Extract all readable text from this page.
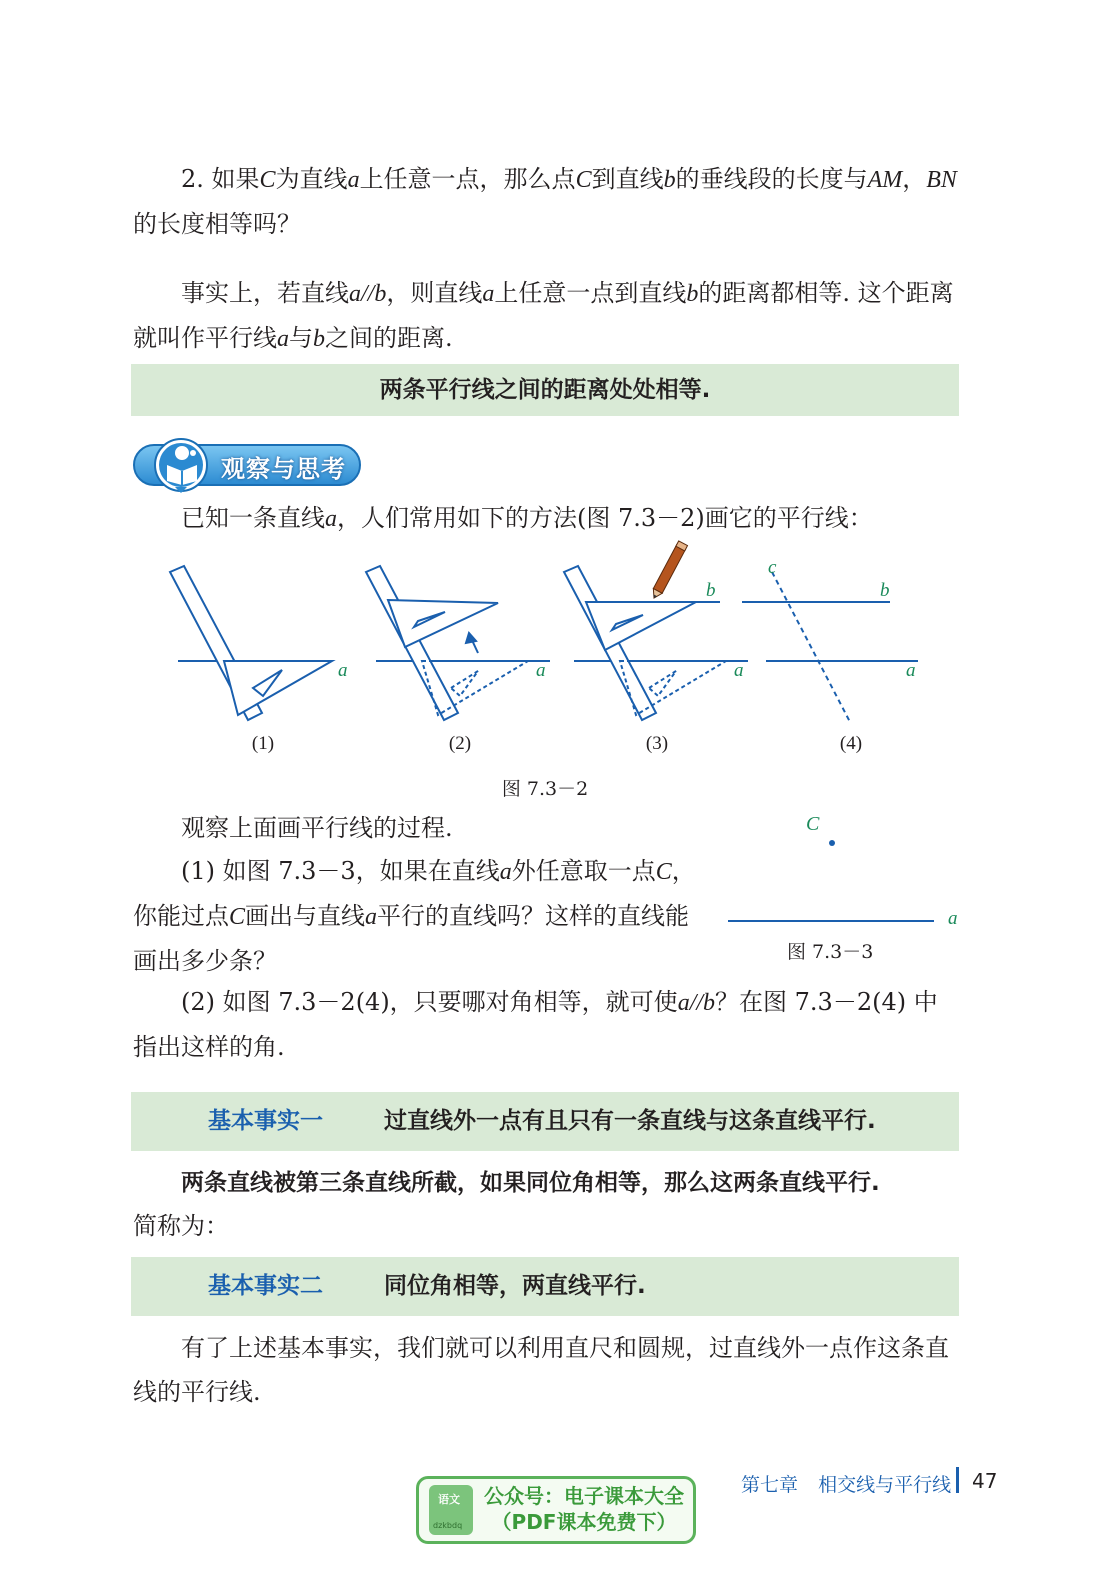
2. 如果C为直线a上任意一点，那么点C到直线b的垂线段的长度与AM，BN的长度相等吗？

事实上，若直线a//b，则直线a上任意一点到直线b的距离都相等. 这个距离就叫作平行线a与b之间的距离.

两条平行线之间的距离处处相等.
观察与思考

已知一条直线a，人们常用如下的方法(图 7.3－2)画它的平行线：

a	a	a	a
b	b
c
(1)	(2)	(3)	(4)
图 7.3－2

观察上面画平行线的过程.

(1) 如图 7.3－3，如果在直线a外任意取一点C，你能过点C画出与直线a平行的直线吗？这样的直线能画出多少条？

C
a
图 7.3－3

(2) 如图 7.3－2(4)，只要哪对角相等，就可使a//b？在图 7.3－2(4) 中指出这样的角.

基本事实一	过直线外一点有且只有一条直线与这条直线平行.

两条直线被第三条直线所截，如果同位角相等，那么这两条直线平行.

简称为：

基本事实二	同位角相等，两直线平行.

有了上述基本事实，我们就可以利用直尺和圆规，过直线外一点作这条直线的平行线.

第七章 相交线与平行线 47
语文
dzkbdq
公众号：电子课本大全
（PDF课本免费下）
